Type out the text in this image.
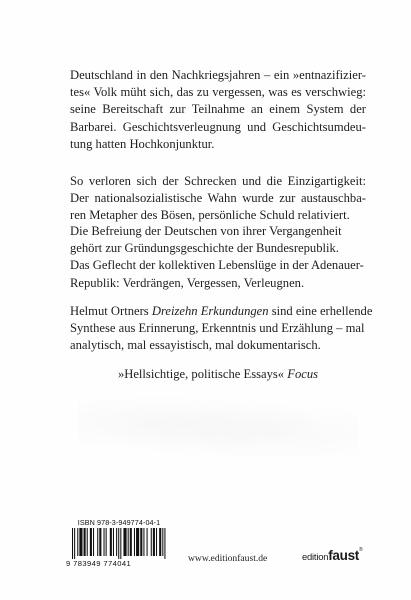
Deutschland in den Nachkriegsjahren – ein »entnazifizier-
tes« Volk müht sich, das zu vergessen, was es verschwieg:
seine Bereitschaft zur Teilnahme an einem System der
Barbarei. Geschichtsverleugnung und Geschichtsumdeu-
tung hatten Hochkonjunktur.

So verloren sich der Schrecken und die Einzigartigkeit:
Der nationalsozialistische Wahn wurde zur austauschba-
ren Metapher des Bösen, persönliche Schuld relativiert.

Die Befreiung der Deutschen von ihrer Vergangenheit
gehört zur Gründungsgeschichte der Bundesrepublik.
Das Geflecht der kollektiven Lebenslüge in der Adenauer-
Republik: Verdrängen, Vergessen, Verleugnen.

Helmut Ortners Dreizehn Erkundungen sind eine erhellende
Synthese aus Erinnerung, Erkenntnis und Erzählung – mal
analytisch, mal essayistisch, mal dokumentarisch.

»Hellsichtige, politische Essays« Focus

ISBN 978-3-949774-04-1
9 783949 774041	www.editionfaust.de	editionfaust®
